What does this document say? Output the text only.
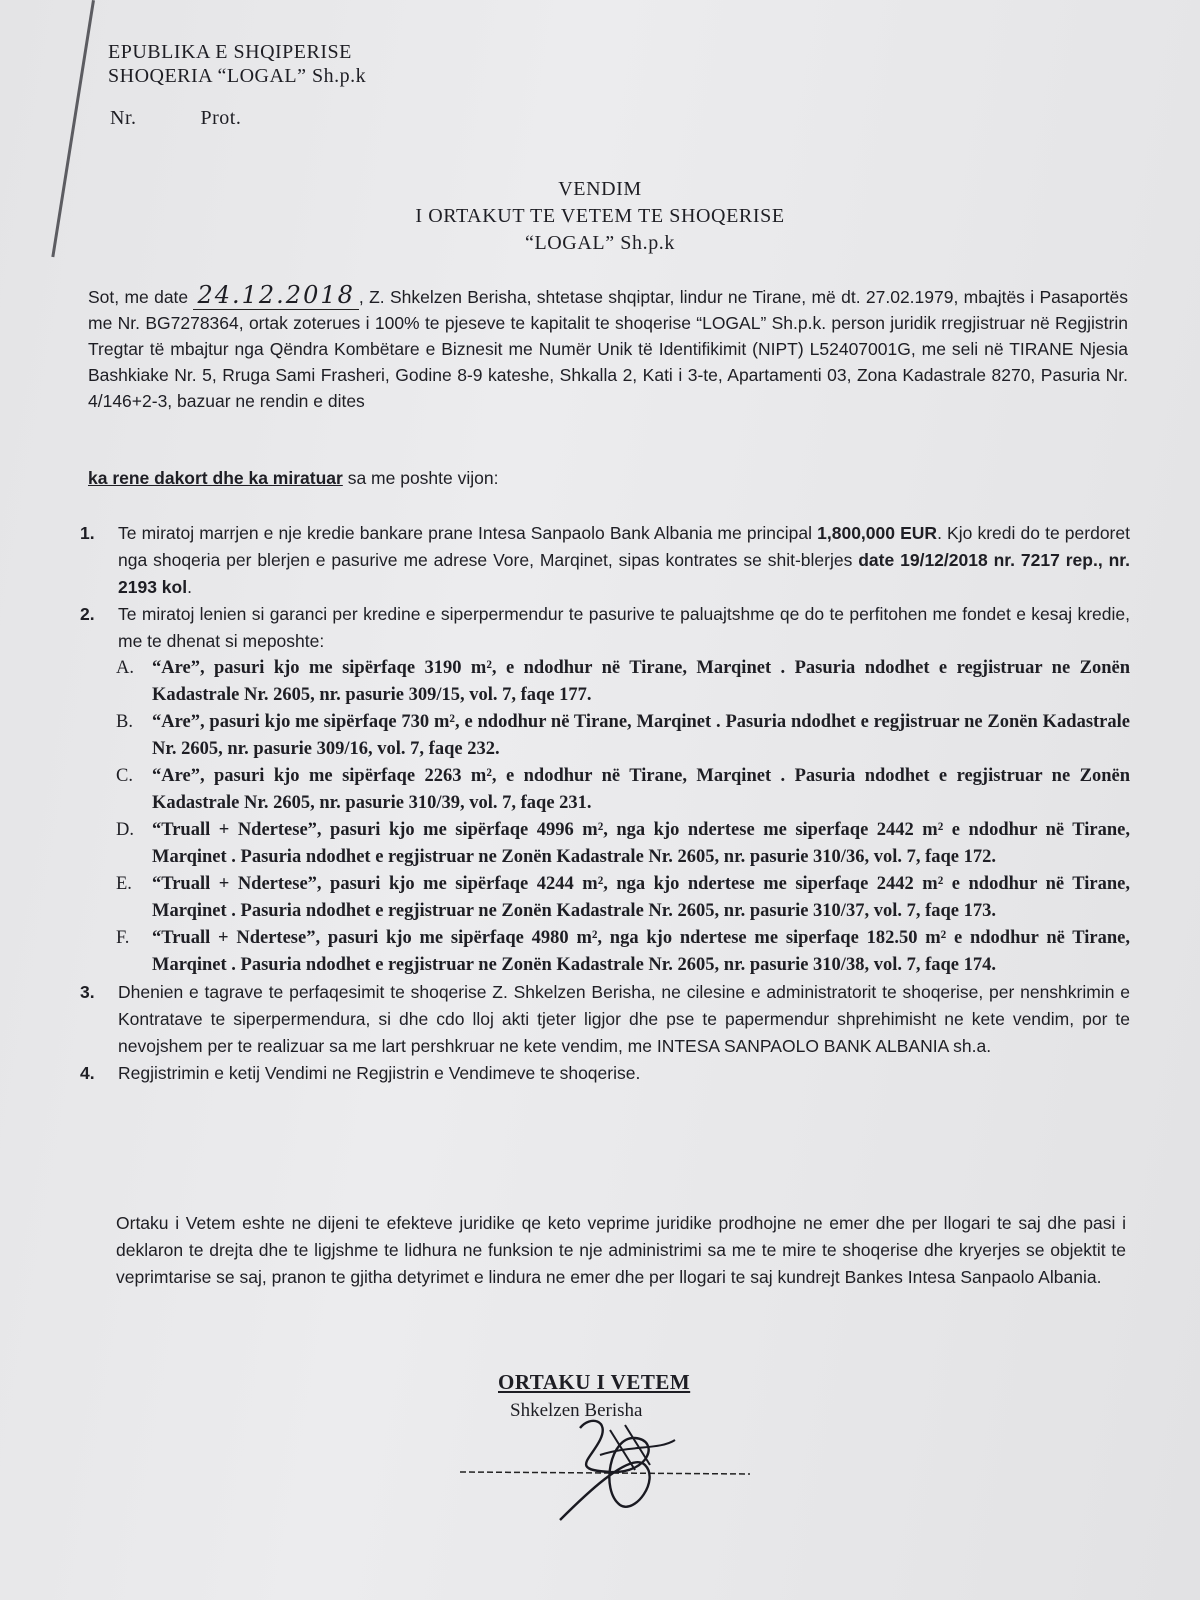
EPUBLIKA E SHQIPERISE
SHOQERIA “LOGAL” Sh.p.k
Nr.	Prot.
VENDIM
I ORTAKUT TE VETEM TE SHOQERISE
“LOGAL” Sh.p.k
Sot, me date 24.12.2018 , Z. Shkelzen Berisha, shtetase shqiptar, lindur ne Tirane, më dt. 27.02.1979, mbajtës i Pasaportës me Nr. BG7278364, ortak zoterues i 100% te pjeseve te kapitalit te shoqerise “LOGAL” Sh.p.k. person juridik rregjistruar në Regjistrin Tregtar të mbajtur nga Qëndra Kombëtare e Biznesit me Numër Unik të Identifikimit (NIPT) L52407001G, me seli në TIRANE Njesia Bashkiake Nr. 5, Rruga Sami Frasheri, Godine 8-9 kateshe, Shkalla 2, Kati i 3-te, Apartamenti 03, Zona Kadastrale 8270, Pasuria Nr. 4/146+2-3, bazuar ne rendin e dites
ka rene dakort dhe ka miratuar sa me poshte vijon:
1. Te miratoj marrjen e nje kredie bankare prane Intesa Sanpaolo Bank Albania me principal 1,800,000 EUR. Kjo kredi do te perdoret nga shoqeria per blerjen e pasurive me adrese Vore, Marqinet, sipas kontrates se shit-blerjes date 19/12/2018 nr. 7217 rep., nr. 2193 kol.
2. Te miratoj lenien si garanci per kredine e siperpermendur te pasurive te paluajtshme qe do te perfitohen me fondet e kesaj kredie, me te dhenat si meposhte:
A. “Are”, pasuri kjo me sipërfaqe 3190 m², e ndodhur në Tirane, Marqinet . Pasuria ndodhet e regjistruar ne Zonën Kadastrale Nr. 2605, nr. pasurie 309/15, vol. 7, faqe 177.
B. “Are”, pasuri kjo me sipërfaqe 730 m², e ndodhur në Tirane, Marqinet . Pasuria ndodhet e regjistruar ne Zonën Kadastrale Nr. 2605, nr. pasurie 309/16, vol. 7, faqe 232.
C. “Are”, pasuri kjo me sipërfaqe 2263 m², e ndodhur në Tirane, Marqinet . Pasuria ndodhet e regjistruar ne Zonën Kadastrale Nr. 2605, nr. pasurie 310/39, vol. 7, faqe 231.
D. “Truall + Ndertese”, pasuri kjo me sipërfaqe 4996 m², nga kjo ndertese me siperfaqe 2442 m² e ndodhur në Tirane, Marqinet . Pasuria ndodhet e regjistruar ne Zonën Kadastrale Nr. 2605, nr. pasurie 310/36, vol. 7, faqe 172.
E. “Truall + Ndertese”, pasuri kjo me sipërfaqe 4244 m², nga kjo ndertese me siperfaqe 2442 m² e ndodhur në Tirane, Marqinet . Pasuria ndodhet e regjistruar ne Zonën Kadastrale Nr. 2605, nr. pasurie 310/37, vol. 7, faqe 173.
F. “Truall + Ndertese”, pasuri kjo me sipërfaqe 4980 m², nga kjo ndertese me siperfaqe 182.50 m² e ndodhur në Tirane, Marqinet . Pasuria ndodhet e regjistruar ne Zonën Kadastrale Nr. 2605, nr. pasurie 310/38, vol. 7, faqe 174.
3. Dhenien e tagrave te perfaqesimit te shoqerise Z. Shkelzen Berisha, ne cilesine e administratorit te shoqerise, per nenshkrimin e Kontratave te siperpermendura, si dhe cdo lloj akti tjeter ligjor dhe pse te papermendur shprehimisht ne kete vendim, por te nevojshem per te realizuar sa me lart pershkruar ne kete vendim, me INTESA SANPAOLO BANK ALBANIA sh.a.
4. Regjistrimin e ketij Vendimi ne Regjistrin e Vendimeve te shoqerise.
Ortaku i Vetem eshte ne dijeni te efekteve juridike qe keto veprime juridike prodhojne ne emer dhe per llogari te saj dhe pasi i deklaron te drejta dhe te ligjshme te lidhura ne funksion te nje administrimi sa me te mire te shoqerise dhe kryerjes se objektit te veprimtarise se saj, pranon te gjitha detyrimet e lindura ne emer dhe per llogari te saj kundrejt Bankes Intesa Sanpaolo Albania.
ORTAKU I VETEM
Shkelzen Berisha
